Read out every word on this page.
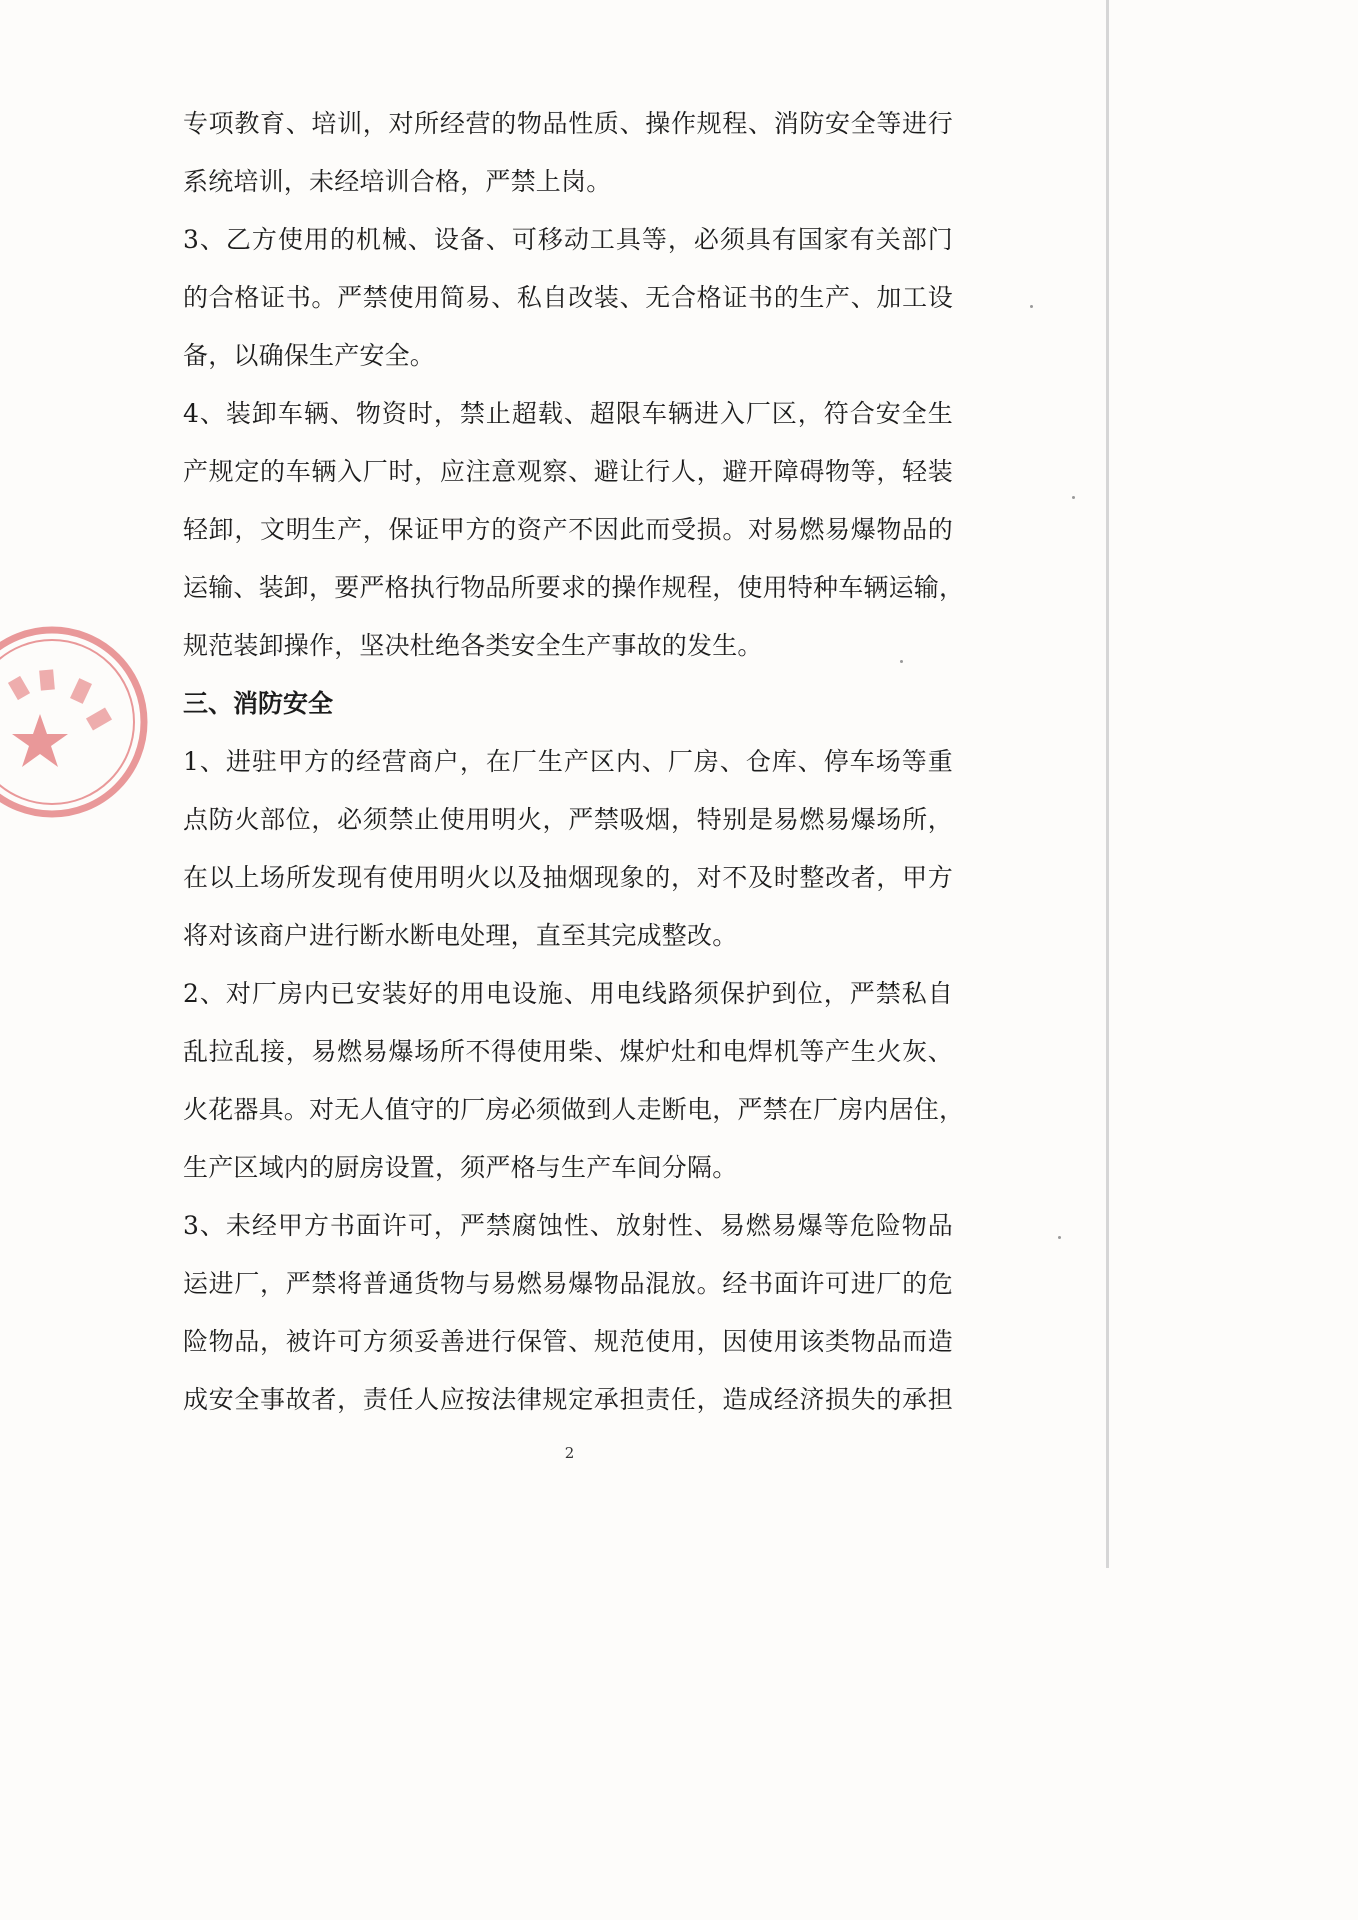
专项教育、培训，对所经营的物品性质、操作规程、消防安全等进行
系统培训，未经培训合格，严禁上岗。
3、乙方使用的机械、设备、可移动工具等，必须具有国家有关部门
的合格证书。严禁使用简易、私自改装、无合格证书的生产、加工设
备，以确保生产安全。
4、装卸车辆、物资时，禁止超载、超限车辆进入厂区，符合安全生
产规定的车辆入厂时，应注意观察、避让行人，避开障碍物等，轻装
轻卸，文明生产，保证甲方的资产不因此而受损。对易燃易爆物品的
运输、装卸，要严格执行物品所要求的操作规程，使用特种车辆运输，
规范装卸操作，坚决杜绝各类安全生产事故的发生。
三、消防安全
1、进驻甲方的经营商户，在厂生产区内、厂房、仓库、停车场等重
点防火部位，必须禁止使用明火，严禁吸烟，特别是易燃易爆场所，
在以上场所发现有使用明火以及抽烟现象的，对不及时整改者，甲方
将对该商户进行断水断电处理，直至其完成整改。
2、对厂房内已安装好的用电设施、用电线路须保护到位，严禁私自
乱拉乱接，易燃易爆场所不得使用柴、煤炉灶和电焊机等产生火灰、
火花器具。对无人值守的厂房必须做到人走断电，严禁在厂房内居住，
生产区域内的厨房设置，须严格与生产车间分隔。
3、未经甲方书面许可，严禁腐蚀性、放射性、易燃易爆等危险物品
运进厂，严禁将普通货物与易燃易爆物品混放。经书面许可进厂的危
险物品，被许可方须妥善进行保管、规范使用，因使用该类物品而造
成安全事故者，责任人应按法律规定承担责任，造成经济损失的承担
2
